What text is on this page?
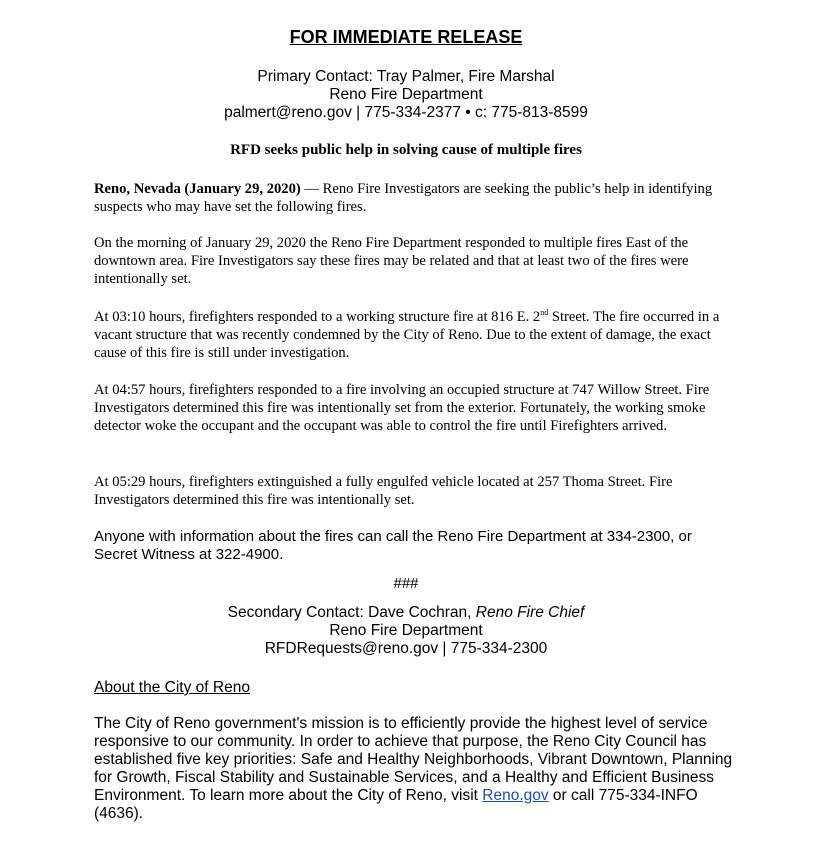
FOR IMMEDIATE RELEASE
Primary Contact: Tray Palmer, Fire Marshal
Reno Fire Department
palmert@reno.gov | 775-334-2377 • c: 775-813-8599
RFD seeks public help in solving cause of multiple fires
Reno, Nevada (January 29, 2020) — Reno Fire Investigators are seeking the public’s help in identifying suspects who may have set the following fires.
On the morning of January 29, 2020 the Reno Fire Department responded to multiple fires East of the downtown area. Fire Investigators say these fires may be related and that at least two of the fires were intentionally set.
At 03:10 hours, firefighters responded to a working structure fire at 816 E. 2nd Street. The fire occurred in a vacant structure that was recently condemned by the City of Reno. Due to the extent of damage, the exact cause of this fire is still under investigation.
At 04:57 hours, firefighters responded to a fire involving an occupied structure at 747 Willow Street. Fire Investigators determined this fire was intentionally set from the exterior. Fortunately, the working smoke detector woke the occupant and the occupant was able to control the fire until Firefighters arrived.
At 05:29 hours, firefighters extinguished a fully engulfed vehicle located at 257 Thoma Street. Fire Investigators determined this fire was intentionally set.
Anyone with information about the fires can call the Reno Fire Department at 334-2300, or Secret Witness at 322-4900.
###
Secondary Contact: Dave Cochran, Reno Fire Chief
Reno Fire Department
RFDRequests@reno.gov | 775-334-2300
About the City of Reno
The City of Reno government's mission is to efficiently provide the highest level of service responsive to our community. In order to achieve that purpose, the Reno City Council has established five key priorities: Safe and Healthy Neighborhoods, Vibrant Downtown, Planning for Growth, Fiscal Stability and Sustainable Services, and a Healthy and Efficient Business Environment. To learn more about the City of Reno, visit Reno.gov or call 775-334-INFO (4636).
